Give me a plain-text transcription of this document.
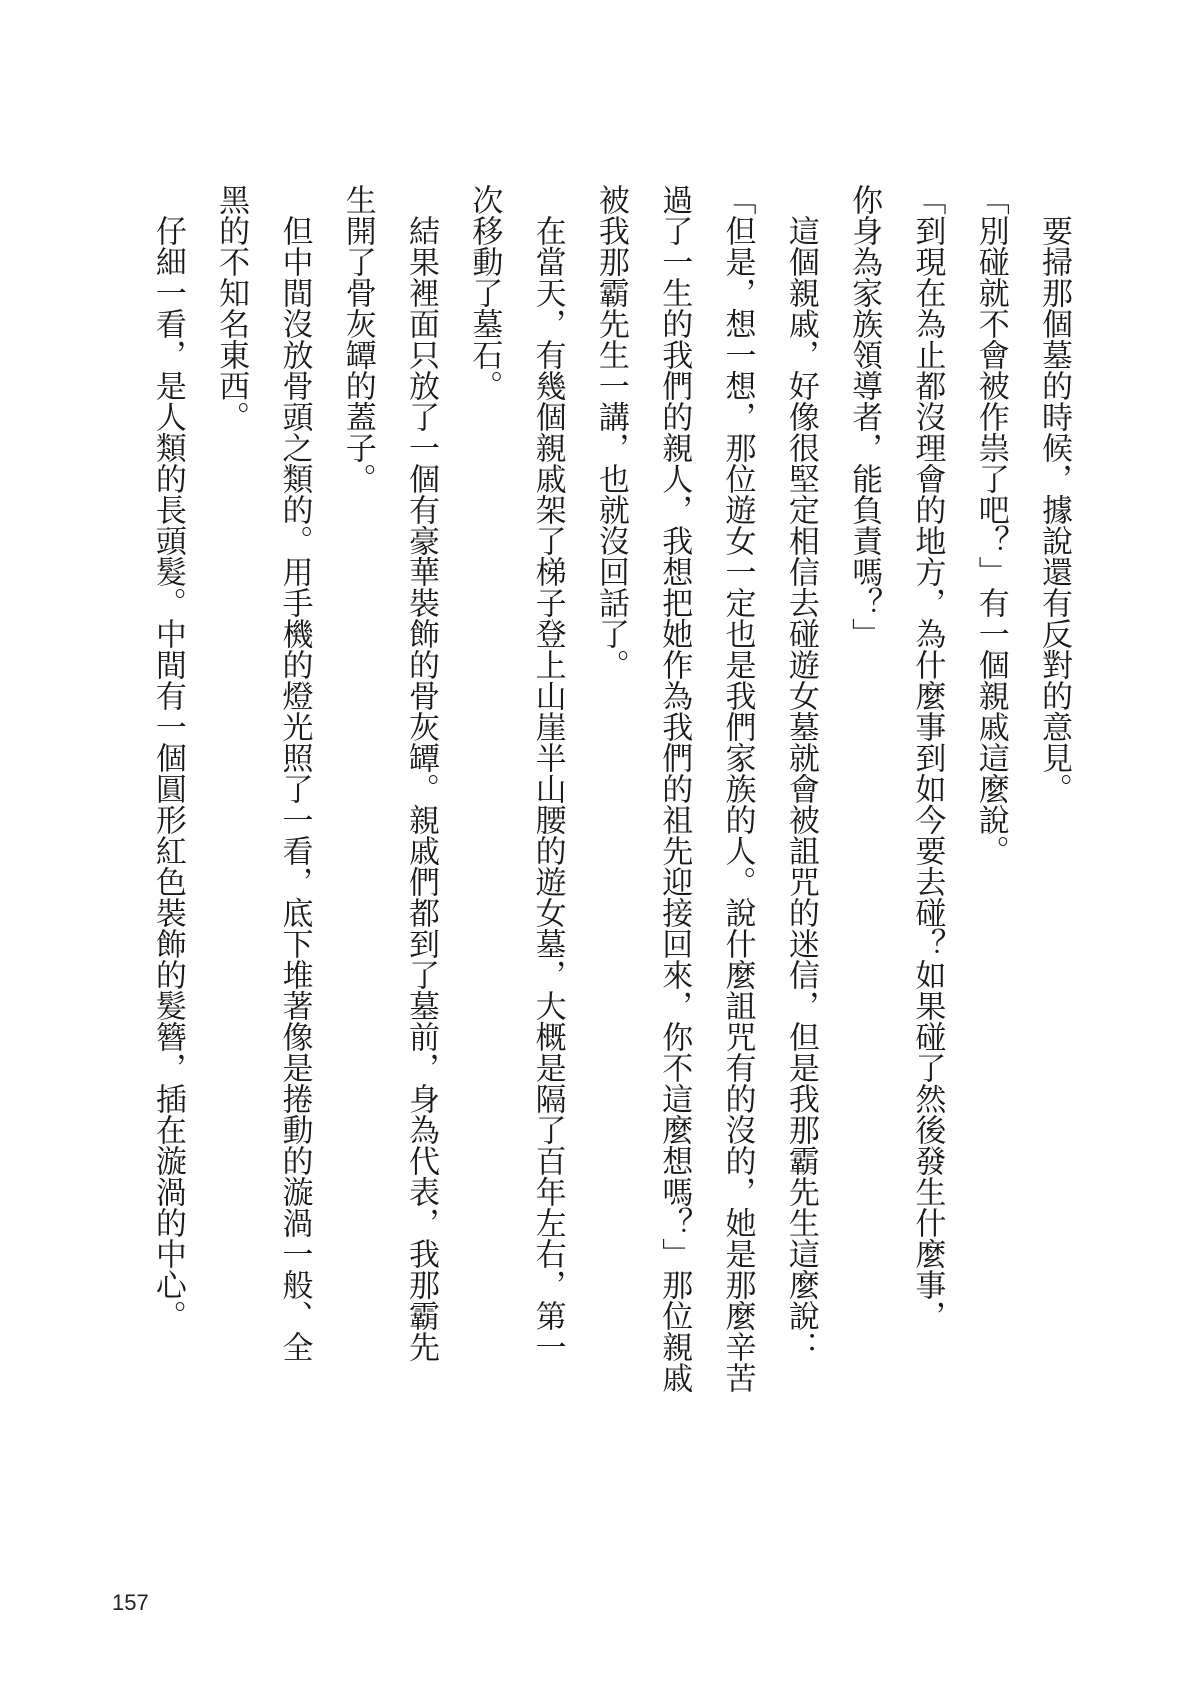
要掃那個墓的時候，據說還有反對的意見。

「別碰就不會被作祟了吧？」有一個親戚這麼說。

「到現在為止都沒理會的地方，為什麼事到如今要去碰？如果碰了然後發生什麼事，

你身為家族領導者，能負責嗎？」

這個親戚，好像很堅定相信去碰遊女墓就會被詛咒的迷信，但是我那霸先生這麼說：

「但是，想一想，那位遊女一定也是我們家族的人。說什麼詛咒有的沒的，她是那麼辛苦

過了一生的我們的親人，我想把她作為我們的祖先迎接回來，你不這麼想嗎？」那位親戚

被我那霸先生一講，也就沒回話了。

在當天，有幾個親戚架了梯子登上山崖半山腰的遊女墓，大概是隔了百年左右，第一

次移動了墓石。

結果裡面只放了一個有豪華裝飾的骨灰罈。親戚們都到了墓前，身為代表，我那霸先

生開了骨灰罈的蓋子。

但中間沒放骨頭之類的。用手機的燈光照了一看，底下堆著像是捲動的漩渦一般、全

黑的不知名東西。

仔細一看，是人類的長頭髮。中間有一個圓形紅色裝飾的髮簪，插在漩渦的中心。

157
